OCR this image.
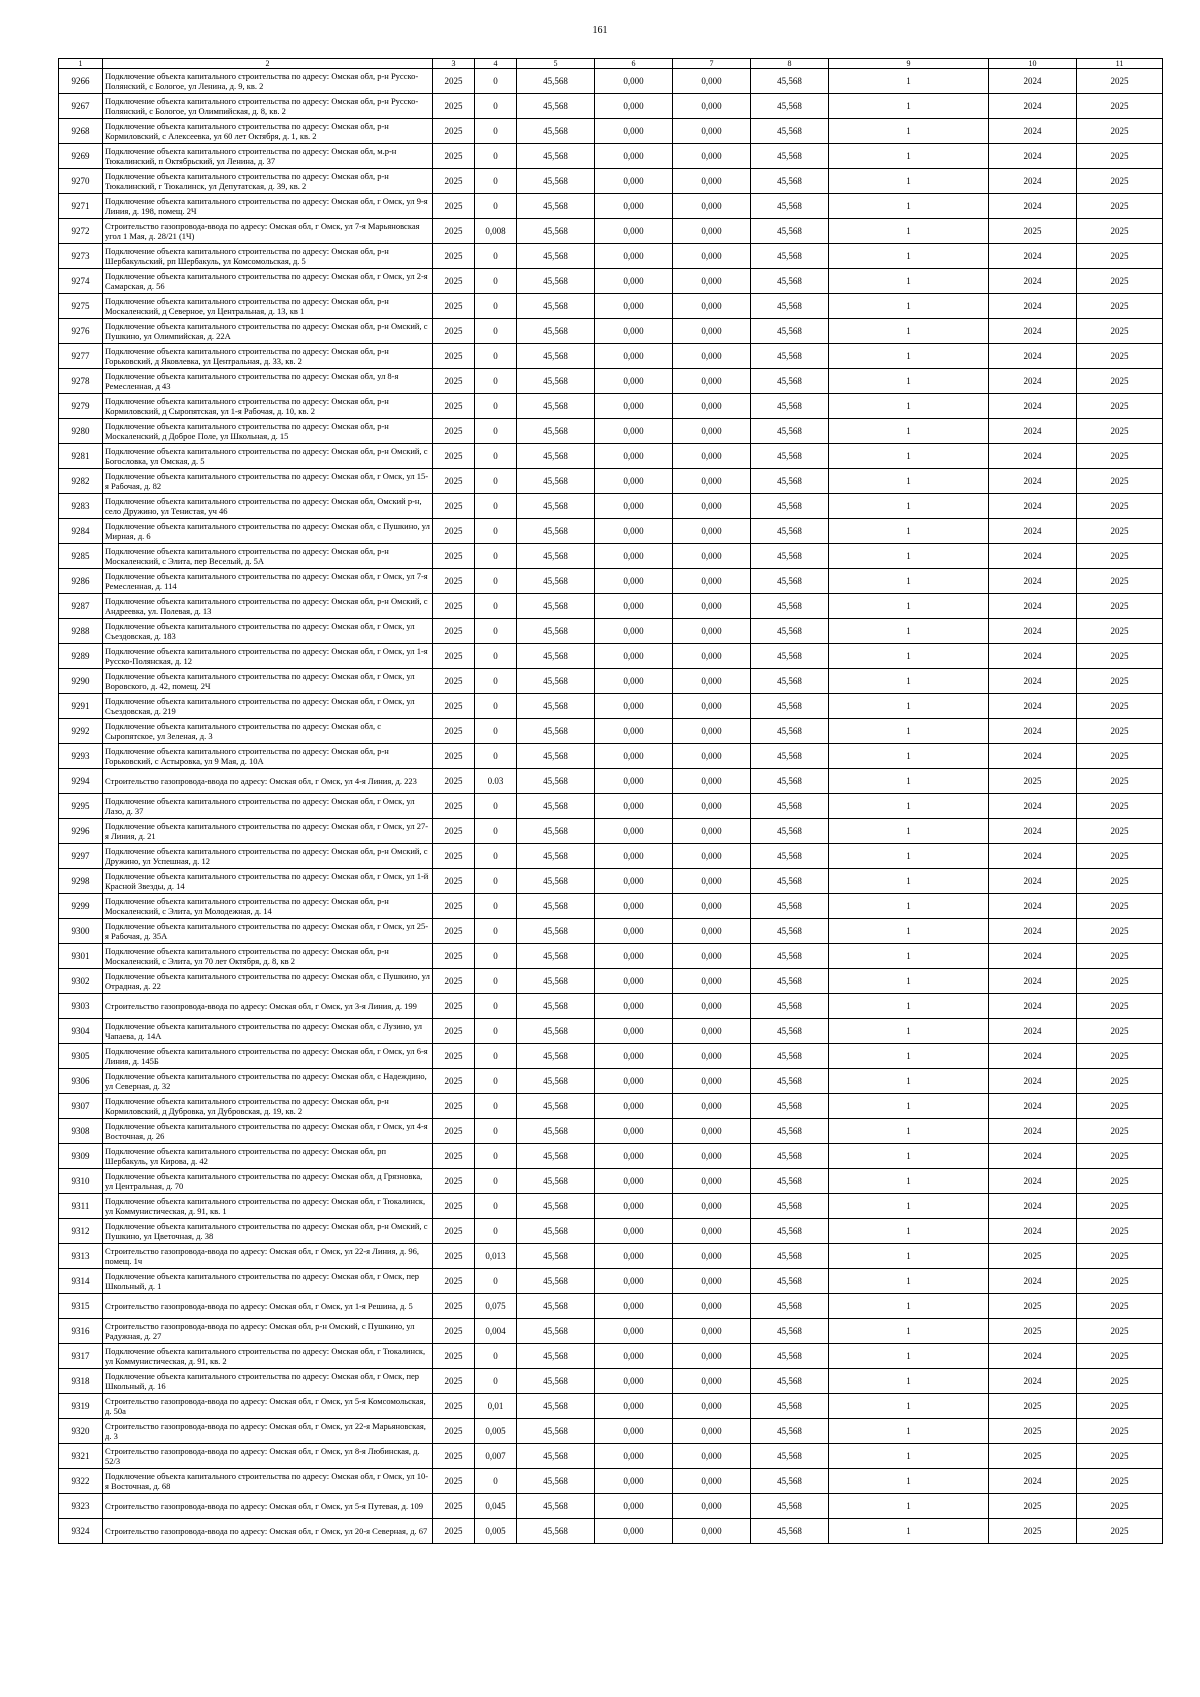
161
1	2	3	4	5	6	7	8	9	10	11
9266	Подключение объекта капитального строительства по адресу: Омская обл, р-н Русско-Полянский, с Бологое, ул Ленина, д. 9, кв. 2	2025	0	45,568	0,000	0,000	45,568	1	2024	2025
9267	Подключение объекта капитального строительства по адресу: Омская обл, р-н Русско-Полянский, с Бологое, ул Олимпийская, д. 8, кв. 2	2025	0	45,568	0,000	0,000	45,568	1	2024	2025
9268	Подключение объекта капитального строительства по адресу: Омская обл, р-н Кормиловский, с Алексеевка, ул 60 лет Октября, д. 1, кв. 2	2025	0	45,568	0,000	0,000	45,568	1	2024	2025
9269	Подключение объекта капитального строительства по адресу: Омская обл, м.р-н Тюкалинский, п Октябрьский, ул Ленина, д. 37	2025	0	45,568	0,000	0,000	45,568	1	2024	2025
9270	Подключение объекта капитального строительства по адресу: Омская обл, р-н Тюкалинский, г Тюкалинск, ул Депутатская, д. 39, кв. 2	2025	0	45,568	0,000	0,000	45,568	1	2024	2025
9271	Подключение объекта капитального строительства по адресу: Омская обл, г Омск, ул 9-я Линия, д. 198, помещ. 2Ч	2025	0	45,568	0,000	0,000	45,568	1	2024	2025
9272	Строительство газопровода-ввода по адресу: Омская обл, г Омск, ул 7-я Марьяновская угол 1 Мая, д. 28/21 (1Ч)	2025	0,008	45,568	0,000	0,000	45,568	1	2025	2025
9273	Подключение объекта капитального строительства по адресу: Омская обл, р-н Шербакульский, рп Шербакуль, ул Комсомольская, д. 5	2025	0	45,568	0,000	0,000	45,568	1	2024	2025
9274	Подключение объекта капитального строительства по адресу: Омская обл, г Омск, ул 2-я Самарская, д. 56	2025	0	45,568	0,000	0,000	45,568	1	2024	2025
9275	Подключение объекта капитального строительства по адресу: Омская обл, р-н Москаленский, д Северное, ул Центральная, д. 13, кв 1	2025	0	45,568	0,000	0,000	45,568	1	2024	2025
9276	Подключение объекта капитального строительства по адресу: Омская обл, р-н Омский, с Пушкино, ул Олимпийская, д. 22А	2025	0	45,568	0,000	0,000	45,568	1	2024	2025
9277	Подключение объекта капитального строительства по адресу: Омская обл, р-н Горьковский, д Яковлевка, ул Центральная, д. 33, кв. 2	2025	0	45,568	0,000	0,000	45,568	1	2024	2025
9278	Подключение объекта капитального строительства по адресу: Омская обл, ул 8-я Ремесленная, д 43	2025	0	45,568	0,000	0,000	45,568	1	2024	2025
9279	Подключение объекта капитального строительства по адресу: Омская обл, р-н Кормиловский, д Сыропятская, ул 1-я Рабочая, д. 10, кв. 2	2025	0	45,568	0,000	0,000	45,568	1	2024	2025
9280	Подключение объекта капитального строительства по адресу: Омская обл, р-н Москаленский, д Доброе Поле, ул Школьная, д. 15	2025	0	45,568	0,000	0,000	45,568	1	2024	2025
9281	Подключение объекта капитального строительства по адресу: Омская обл, р-н Омский, с Богословка, ул Омская, д. 5	2025	0	45,568	0,000	0,000	45,568	1	2024	2025
9282	Подключение объекта капитального строительства по адресу: Омская обл, г Омск, ул 15-я Рабочая, д. 82	2025	0	45,568	0,000	0,000	45,568	1	2024	2025
9283	Подключение объекта капитального строительства по адресу: Омская обл, Омский р-н, село Дружино, ул Тенистая, уч 46	2025	0	45,568	0,000	0,000	45,568	1	2024	2025
9284	Подключение объекта капитального строительства по адресу: Омская обл, с Пушкино, ул Мирная, д. 6	2025	0	45,568	0,000	0,000	45,568	1	2024	2025
9285	Подключение объекта капитального строительства по адресу: Омская обл, р-н Москаленский, с Элита, пер Веселый, д. 5А	2025	0	45,568	0,000	0,000	45,568	1	2024	2025
9286	Подключение объекта капитального строительства по адресу: Омская обл, г Омск, ул 7-я Ремесленная, д. 114	2025	0	45,568	0,000	0,000	45,568	1	2024	2025
9287	Подключение объекта капитального строительства по адресу: Омская обл, р-н Омский, с Андреевка, ул. Полевая, д. 13	2025	0	45,568	0,000	0,000	45,568	1	2024	2025
9288	Подключение объекта капитального строительства по адресу: Омская обл, г Омск, ул Съездовская, д. 183	2025	0	45,568	0,000	0,000	45,568	1	2024	2025
9289	Подключение объекта капитального строительства по адресу: Омская обл, г Омск, ул 1-я Русско-Полянская, д. 12	2025	0	45,568	0,000	0,000	45,568	1	2024	2025
9290	Подключение объекта капитального строительства по адресу: Омская обл, г Омск, ул Воровского, д. 42, помещ. 2Ч	2025	0	45,568	0,000	0,000	45,568	1	2024	2025
9291	Подключение объекта капитального строительства по адресу: Омская обл, г Омск, ул Съездовская, д. 219	2025	0	45,568	0,000	0,000	45,568	1	2024	2025
9292	Подключение объекта капитального строительства по адресу: Омская обл, с Сыропятское, ул Зеленая, д. 3	2025	0	45,568	0,000	0,000	45,568	1	2024	2025
9293	Подключение объекта капитального строительства по адресу: Омская обл, р-н Горьковский, с Астыровка, ул 9 Мая, д. 10А	2025	0	45,568	0,000	0,000	45,568	1	2024	2025
9294	Строительство газопровода-ввода по адресу: Омская обл, г Омск, ул 4-я Линия, д. 223	2025	0.03	45,568	0,000	0,000	45,568	1	2025	2025
9295	Подключение объекта капитального строительства по адресу: Омская обл, г Омск, ул Лазо, д. 37	2025	0	45,568	0,000	0,000	45,568	1	2024	2025
9296	Подключение объекта капитального строительства по адресу: Омская обл, г Омск, ул 27-я Линия, д. 21	2025	0	45,568	0,000	0,000	45,568	1	2024	2025
9297	Подключение объекта капитального строительства по адресу: Омская обл, р-н Омский, с Дружино, ул Успешная, д. 12	2025	0	45,568	0,000	0,000	45,568	1	2024	2025
9298	Подключение объекта капитального строительства по адресу: Омская обл, г Омск, ул 1-й Красной Звезды, д. 14	2025	0	45,568	0,000	0,000	45,568	1	2024	2025
9299	Подключение объекта капитального строительства по адресу: Омская обл, р-н Москаленский, с Элита, ул Молодежная, д. 14	2025	0	45,568	0,000	0,000	45,568	1	2024	2025
9300	Подключение объекта капитального строительства по адресу: Омская обл, г Омск, ул 25-я Рабочая, д. 35А	2025	0	45,568	0,000	0,000	45,568	1	2024	2025
9301	Подключение объекта капитального строительства по адресу: Омская обл, р-н Москаленский, с Элита, ул 70 лет Октября, д. 8, кв 2	2025	0	45,568	0,000	0,000	45,568	1	2024	2025
9302	Подключение объекта капитального строительства по адресу: Омская обл, с Пушкино, ул Отрадная, д. 22	2025	0	45,568	0,000	0,000	45,568	1	2024	2025
9303	Строительство газопровода-ввода по адресу: Омская обл, г Омск, ул 3-я Линия, д. 199	2025	0	45,568	0,000	0,000	45,568	1	2024	2025
9304	Подключение объекта капитального строительства по адресу: Омская обл, с Лузино, ул Чапаева, д. 14А	2025	0	45,568	0,000	0,000	45,568	1	2024	2025
9305	Подключение объекта капитального строительства по адресу: Омская обл, г Омск, ул 6-я Линия, д. 145Б	2025	0	45,568	0,000	0,000	45,568	1	2024	2025
9306	Подключение объекта капитального строительства по адресу: Омская обл, с Надеждино, ул Северная, д. 32	2025	0	45,568	0,000	0,000	45,568	1	2024	2025
9307	Подключение объекта капитального строительства по адресу: Омская обл, р-н Кормиловский, д Дубровка, ул Дубровская, д. 19, кв. 2	2025	0	45,568	0,000	0,000	45,568	1	2024	2025
9308	Подключение объекта капитального строительства по адресу: Омская обл, г Омск, ул 4-я Восточная, д. 26	2025	0	45,568	0,000	0,000	45,568	1	2024	2025
9309	Подключение объекта капитального строительства по адресу: Омская обл, рп Шербакуль, ул Кирова, д. 42	2025	0	45,568	0,000	0,000	45,568	1	2024	2025
9310	Подключение объекта капитального строительства по адресу: Омская обл, д Грязновка, ул Центральная, д. 70	2025	0	45,568	0,000	0,000	45,568	1	2024	2025
9311	Подключение объекта капитального строительства по адресу: Омская обл, г Тюкалинск, ул Коммунистическая, д. 91, кв. 1	2025	0	45,568	0,000	0,000	45,568	1	2024	2025
9312	Подключение объекта капитального строительства по адресу: Омская обл, р-н Омский, с Пушкино, ул Цветочная, д. 38	2025	0	45,568	0,000	0,000	45,568	1	2024	2025
9313	Строительство газопровода-ввода по адресу: Омская обл, г Омск, ул 22-я Линия, д. 96, помещ. 1ч	2025	0,013	45,568	0,000	0,000	45,568	1	2025	2025
9314	Подключение объекта капитального строительства по адресу: Омская обл, г Омск, пер Школьный, д. 1	2025	0	45,568	0,000	0,000	45,568	1	2024	2025
9315	Строительство газопровода-ввода по адресу: Омская обл, г Омск, ул 1-я Решина, д. 5	2025	0,075	45,568	0,000	0,000	45,568	1	2025	2025
9316	Строительство газопровода-ввода по адресу: Омская обл, р-н Омский, с Пушкино, ул Радужная, д. 27	2025	0,004	45,568	0,000	0,000	45,568	1	2025	2025
9317	Подключение объекта капитального строительства по адресу: Омская обл, г Тюкалинск, ул Коммунистическая, д. 91, кв. 2	2025	0	45,568	0,000	0,000	45,568	1	2024	2025
9318	Подключение объекта капитального строительства по адресу: Омская обл, г Омск, пер Школьный, д. 16	2025	0	45,568	0,000	0,000	45,568	1	2024	2025
9319	Строительство газопровода-ввода по адресу: Омская обл, г Омск, ул 5-я Комсомольская, д. 50а	2025	0,01	45,568	0,000	0,000	45,568	1	2025	2025
9320	Строительство газопровода-ввода по адресу: Омская обл, г Омск, ул 22-я Марьяновская, д. 3	2025	0,005	45,568	0,000	0,000	45,568	1	2025	2025
9321	Строительство газопровода-ввода по адресу: Омская обл, г Омск, ул 8-я Любинская, д. 52/3	2025	0,007	45,568	0,000	0,000	45,568	1	2025	2025
9322	Подключение объекта капитального строительства по адресу: Омская обл, г Омск, ул 10-я Восточная, д. 68	2025	0	45,568	0,000	0,000	45,568	1	2024	2025
9323	Строительство газопровода-ввода по адресу: Омская обл, г Омск, ул 5-я Путевая, д. 109	2025	0,045	45,568	0,000	0,000	45,568	1	2025	2025
9324	Строительство газопровода-ввода по адресу: Омская обл, г Омск, ул 20-я Северная, д. 67	2025	0,005	45,568	0,000	0,000	45,568	1	2025	2025
